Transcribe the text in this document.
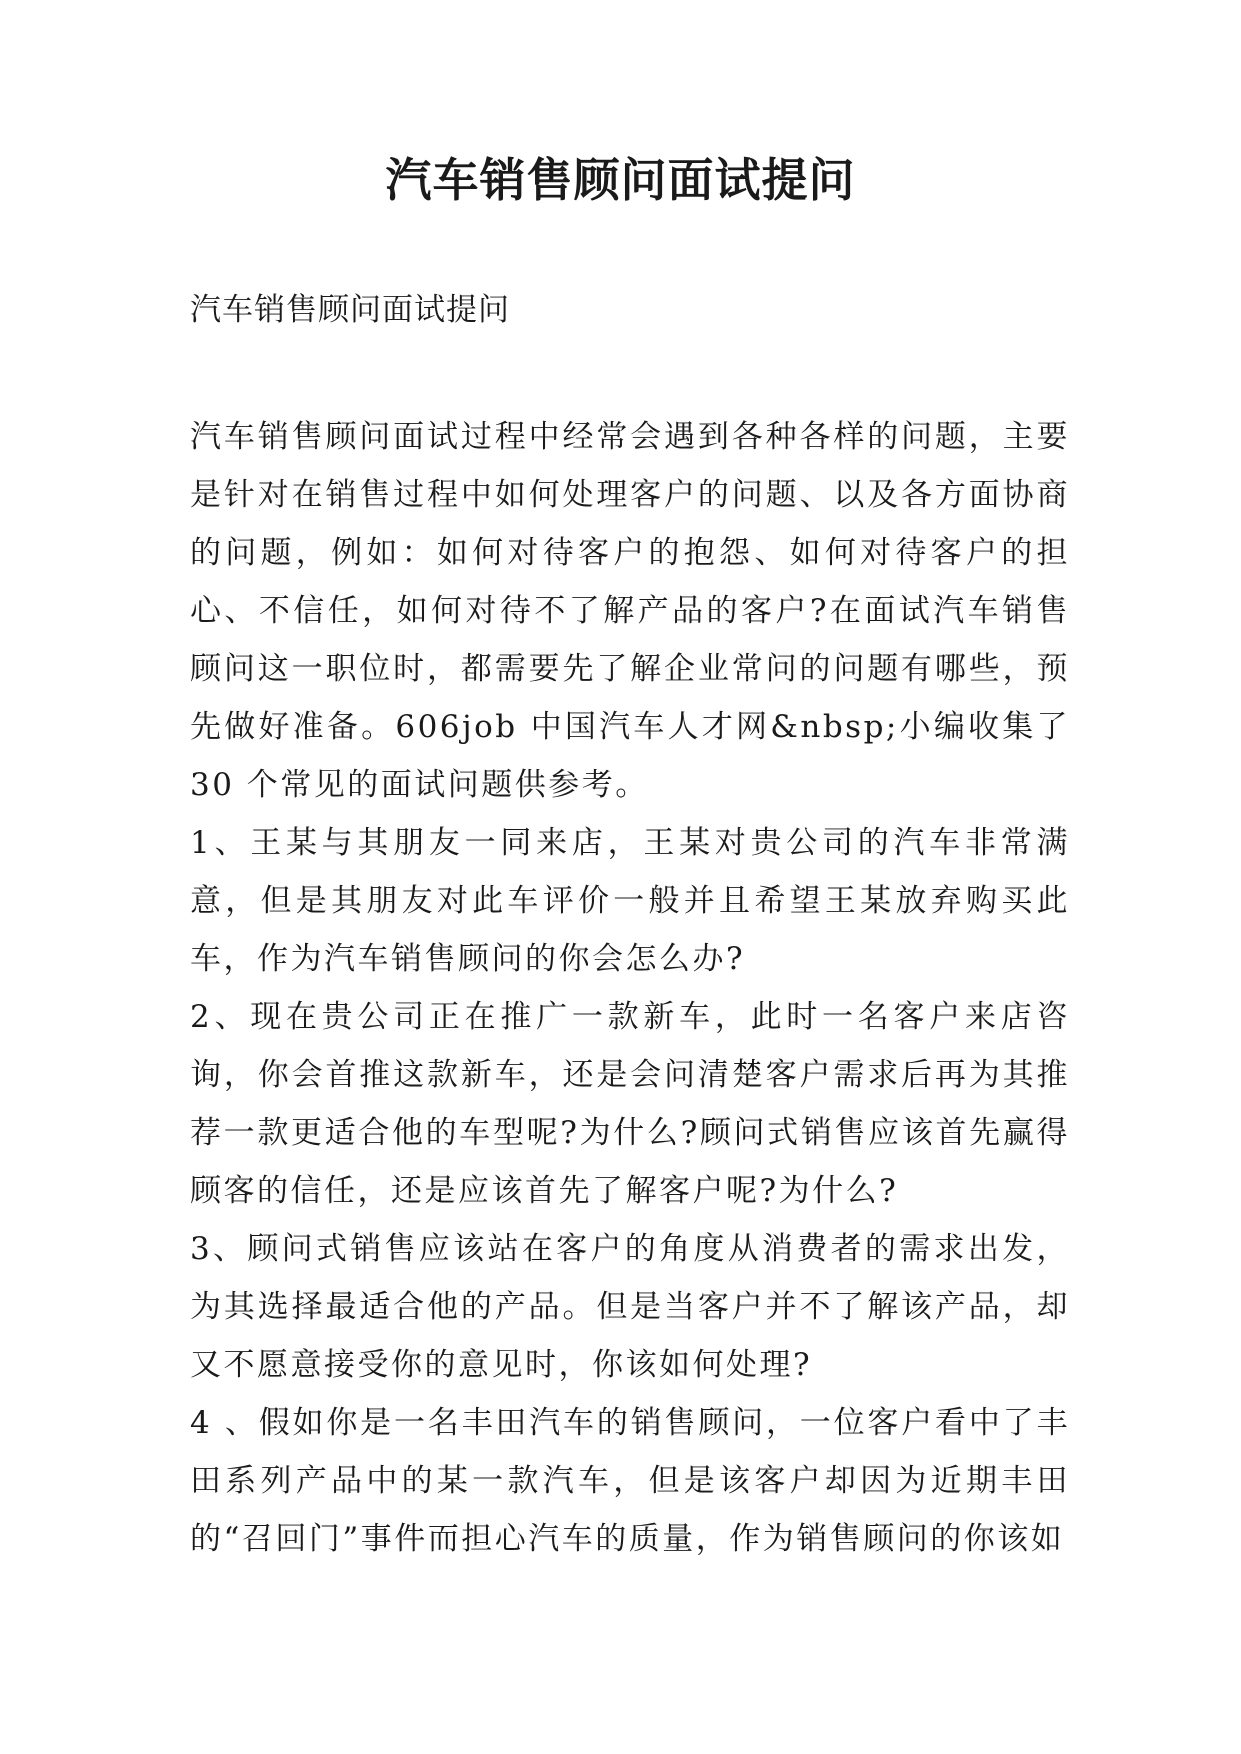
汽车销售顾问面试提问
汽车销售顾问面试提问

汽车销售顾问面试过程中经常会遇到各种各样的问题，主要是针对在销售过程中如何处理客户的问题、以及各方面协商的问题，例如：如何对待客户的抱怨、如何对待客户的担心、不信任，如何对待不了解产品的客户?在面试汽车销售顾问这一职位时，都需要先了解企业常问的问题有哪些，预先做好准备。606job 中国汽车人才网&nbsp;小编收集了 30 个常见的面试问题供参考。

1、王某与其朋友一同来店，王某对贵公司的汽车非常满意，但是其朋友对此车评价一般并且希望王某放弃购买此车，作为汽车销售顾问的你会怎么办?

2、现在贵公司正在推广一款新车，此时一名客户来店咨询，你会首推这款新车，还是会问清楚客户需求后再为其推荐一款更适合他的车型呢?为什么?顾问式销售应该首先赢得顾客的信任，还是应该首先了解客户呢?为什么?

3、顾问式销售应该站在客户的角度从消费者的需求出发，为其选择最适合他的产品。但是当客户并不了解该产品，却又不愿意接受你的意见时，你该如何处理?

4 、假如你是一名丰田汽车的销售顾问，一位客户看中了丰田系列产品中的某一款汽车，但是该客户却因为近期丰田的“召回门”事件而担心汽车的质量，作为销售顾问的你该如
